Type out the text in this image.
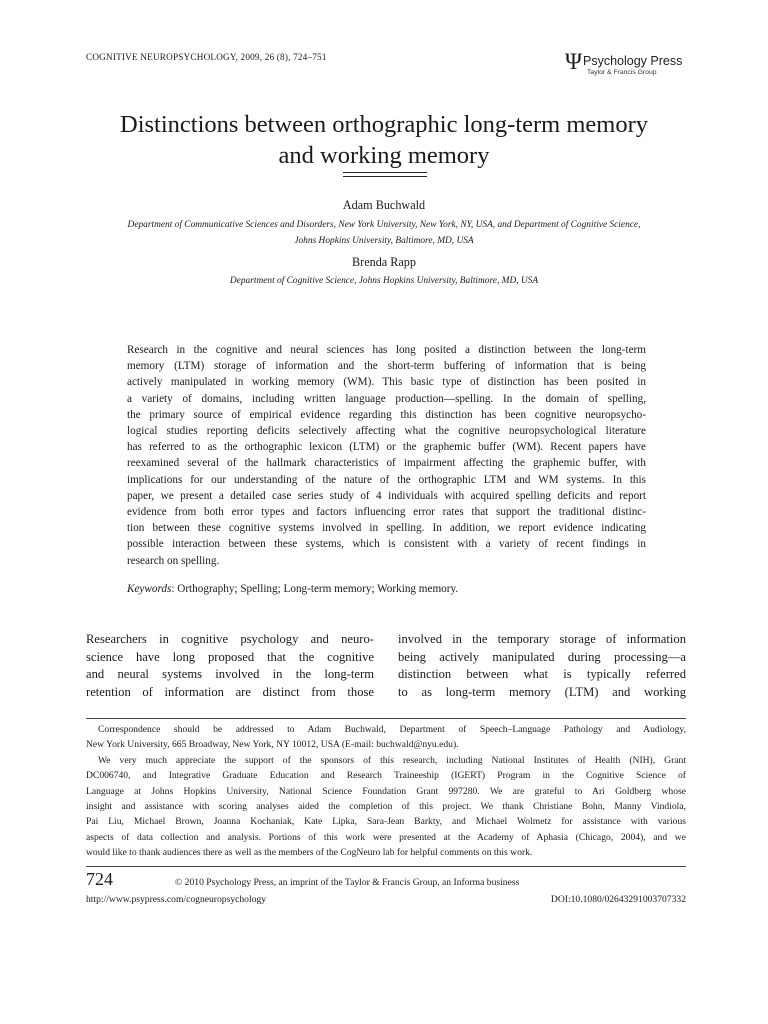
COGNITIVE NEUROPSYCHOLOGY, 2009, 26 (8), 724–751	Ψ Psychology Press
Taylor & Francis Group
Distinctions between orthographic long-term memory
and working memory
Adam Buchwald
Department of Communicative Sciences and Disorders, New York University, New York, NY, USA, and Department of Cognitive Science,
Johns Hopkins University, Baltimore, MD, USA
Brenda Rapp
Department of Cognitive Science, Johns Hopkins University, Baltimore, MD, USA
Research in the cognitive and neural sciences has long posited a distinction between the long-term
memory (LTM) storage of information and the short-term buffering of information that is being
actively manipulated in working memory (WM). This basic type of distinction has been posited in
a variety of domains, including written language production—spelling. In the domain of spelling,
the primary source of empirical evidence regarding this distinction has been cognitive neuropsycho-
logical studies reporting deficits selectively affecting what the cognitive neuropsychological literature
has referred to as the orthographic lexicon (LTM) or the graphemic buffer (WM). Recent papers have
reexamined several of the hallmark characteristics of impairment affecting the graphemic buffer, with
implications for our understanding of the nature of the orthographic LTM and WM systems. In this
paper, we present a detailed case series study of 4 individuals with acquired spelling deficits and report
evidence from both error types and factors influencing error rates that support the traditional distinc-
tion between these cognitive systems involved in spelling. In addition, we report evidence indicating
possible interaction between these systems, which is consistent with a variety of recent findings in
research on spelling.
Keywords: Orthography; Spelling; Long-term memory; Working memory.
Researchers in cognitive psychology and neuro-
science have long proposed that the cognitive
and neural systems involved in the long-term
retention of information are distinct from those
involved in the temporary storage of information
being actively manipulated during processing—a
distinction between what is typically referred
to as long-term memory (LTM) and working
Correspondence should be addressed to Adam Buchwald, Department of Speech–Language Pathology and Audiology,
New York University, 665 Broadway, New York, NY 10012, USA (E-mail: buchwald@nyu.edu).
We very much appreciate the support of the sponsors of this research, including National Institutes of Health (NIH), Grant
DC006740, and Integrative Graduate Education and Research Traineeship (IGERT) Program in the Cognitive Science of
Language at Johns Hopkins University, National Science Foundation Grant 997280. We are grateful to Ari Goldberg whose
insight and assistance with scoring analyses aided the completion of this project. We thank Christiane Bohn, Manny Vindiola,
Pai Liu, Michael Brown, Joanna Kochaniak, Kate Lipka, Sara-Jean Barkty, and Michael Wolmetz for assistance with various
aspects of data collection and analysis. Portions of this work were presented at the Academy of Aphasia (Chicago, 2004), and we
would like to thank audiences there as well as the members of the CogNeuro lab for helpful comments on this work.
724	© 2010 Psychology Press, an imprint of the Taylor & Francis Group, an Informa business
http://www.psypress.com/cogneuropsychology	DOI:10.1080/02643291003707332
